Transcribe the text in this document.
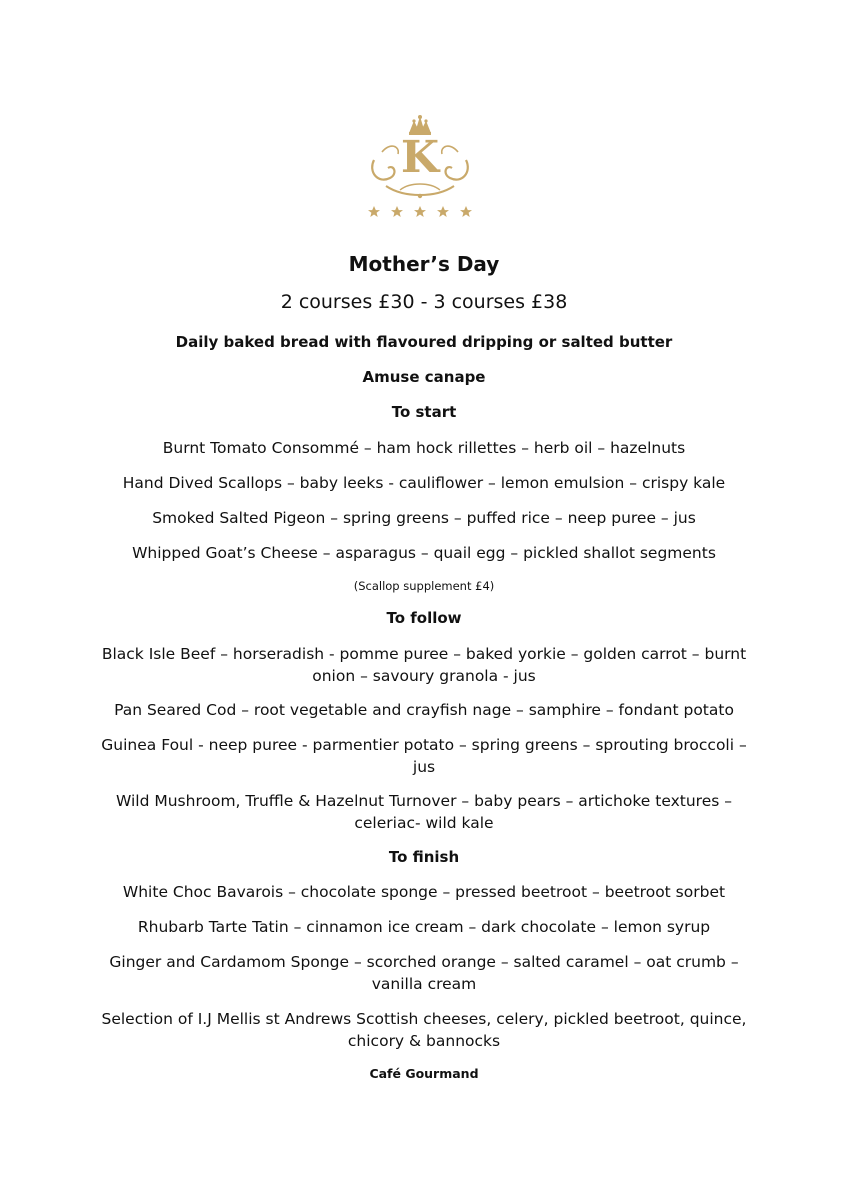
K
Mother’s Day
2 courses £30 - 3 courses £38
Daily baked bread with flavoured dripping or salted butter
Amuse canape
To start
Burnt Tomato Consommé – ham hock rillettes – herb oil – hazelnuts
Hand Dived Scallops – baby leeks - cauliflower – lemon emulsion – crispy kale
Smoked Salted Pigeon – spring greens – puffed rice – neep puree – jus
Whipped Goat’s Cheese – asparagus – quail egg – pickled shallot segments
(Scallop supplement £4)
To follow
Black Isle Beef – horseradish - pomme puree – baked yorkie – golden carrot – burnt onion – savoury granola - jus
Pan Seared Cod – root vegetable and crayfish nage – samphire – fondant potato
Guinea Foul - neep puree - parmentier potato – spring greens – sprouting broccoli – jus
Wild Mushroom, Truffle & Hazelnut Turnover – baby pears – artichoke textures – celeriac- wild kale
To finish
White Choc Bavarois – chocolate sponge – pressed beetroot – beetroot sorbet
Rhubarb Tarte Tatin – cinnamon ice cream – dark chocolate – lemon syrup
Ginger and Cardamom Sponge – scorched orange – salted caramel – oat crumb – vanilla cream
Selection of I.J Mellis st Andrews Scottish cheeses, celery, pickled beetroot, quince, chicory & bannocks
Café Gourmand
